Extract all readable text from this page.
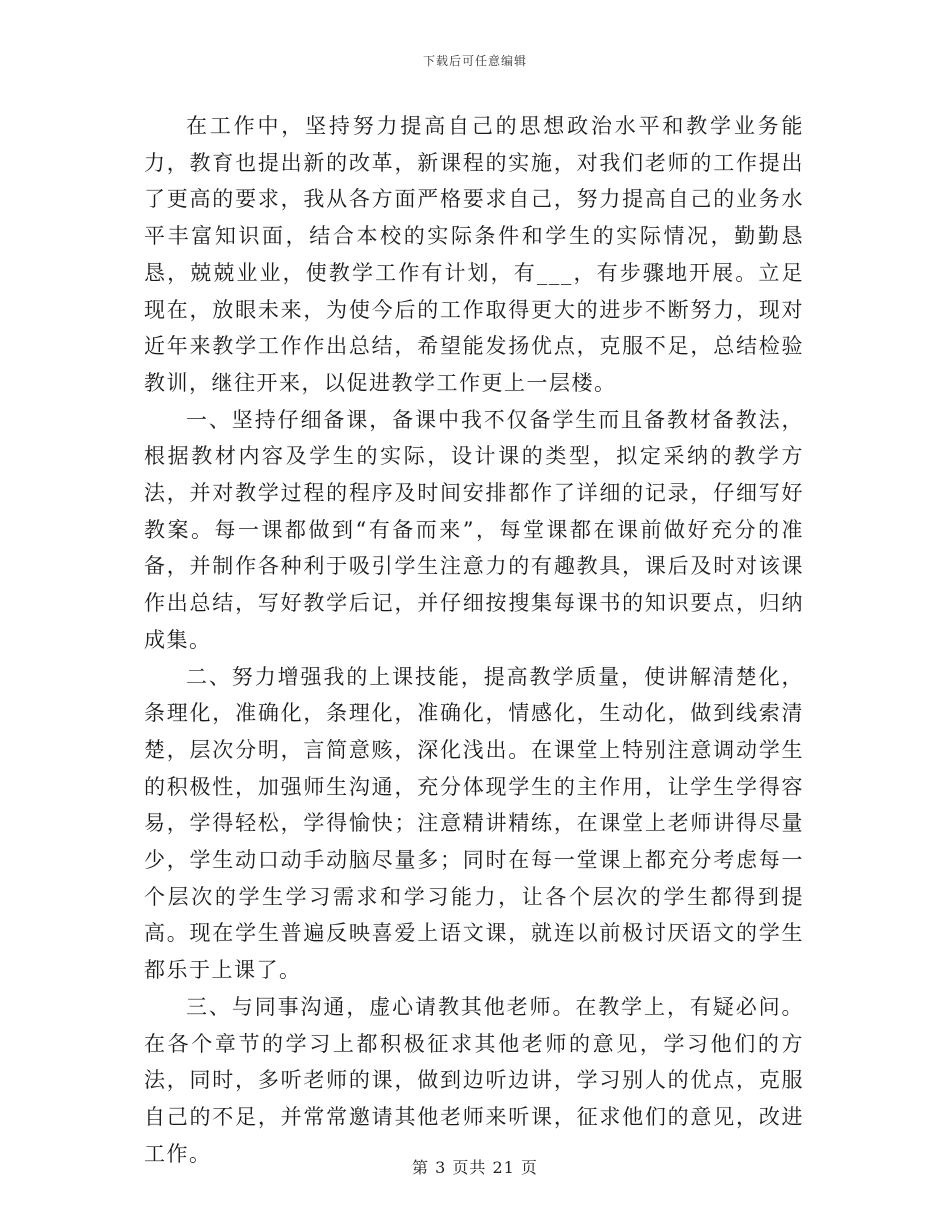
下载后可任意编辑

在工作中，坚持努力提高自己的思想政治水平和教学业务能力，教育也提出新的改革，新课程的实施，对我们老师的工作提出了更高的要求，我从各方面严格要求自己，努力提高自己的业务水平丰富知识面，结合本校的实际条件和学生的实际情况，勤勤恳恳，兢兢业业，使教学工作有计划，有___，有步骤地开展。立足现在，放眼未来，为使今后的工作取得更大的进步不断努力，现对近年来教学工作作出总结，希望能发扬优点，克服不足，总结检验教训，继往开来，以促进教学工作更上一层楼。

一、坚持仔细备课，备课中我不仅备学生而且备教材备教法，根据教材内容及学生的实际，设计课的类型，拟定采纳的教学方法，并对教学过程的程序及时间安排都作了详细的记录，仔细写好教案。每一课都做到“有备而来”，每堂课都在课前做好充分的准备，并制作各种利于吸引学生注意力的有趣教具，课后及时对该课作出总结，写好教学后记，并仔细按搜集每课书的知识要点，归纳成集。

二、努力增强我的上课技能，提高教学质量，使讲解清楚化，条理化，准确化，条理化，准确化，情感化，生动化，做到线索清楚，层次分明，言简意赅，深化浅出。在课堂上特别注意调动学生的积极性，加强师生沟通，充分体现学生的主作用，让学生学得容易，学得轻松，学得愉快；注意精讲精练，在课堂上老师讲得尽量少，学生动口动手动脑尽量多；同时在每一堂课上都充分考虑每一个层次的学生学习需求和学习能力，让各个层次的学生都得到提高。现在学生普遍反映喜爱上语文课，就连以前极讨厌语文的学生都乐于上课了。

三、与同事沟通，虚心请教其他老师。在教学上，有疑必问。在各个章节的学习上都积极征求其他老师的意见，学习他们的方法，同时，多听老师的课，做到边听边讲，学习别人的优点，克服自己的不足，并常常邀请其他老师来听课，征求他们的意见，改进工作。

第 3 页共 21 页
